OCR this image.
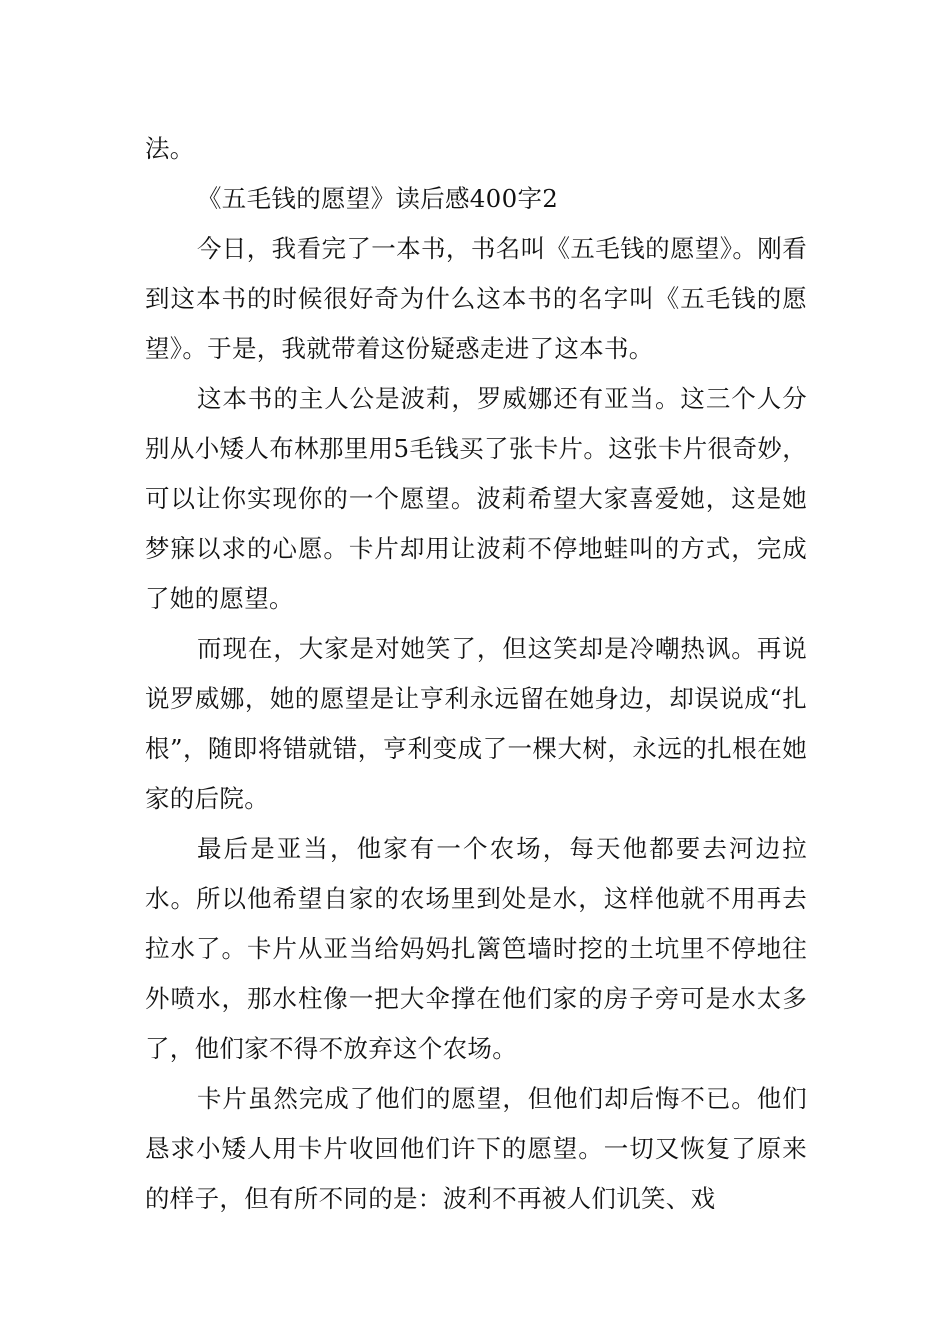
法。

《五毛钱的愿望》读后感400字2

今日，我看完了一本书，书名叫《五毛钱的愿望》。刚看到这本书的时候很好奇为什么这本书的名字叫《五毛钱的愿望》。于是，我就带着这份疑惑走进了这本书。

这本书的主人公是波莉，罗威娜还有亚当。这三个人分别从小矮人布林那里用5毛钱买了张卡片。这张卡片很奇妙，可以让你实现你的一个愿望。波莉希望大家喜爱她，这是她梦寐以求的心愿。卡片却用让波莉不停地蛙叫的方式，完成了她的愿望。

而现在，大家是对她笑了，但这笑却是冷嘲热讽。再说说罗威娜，她的愿望是让亨利永远留在她身边，却误说成“扎根”，随即将错就错，亨利变成了一棵大树，永远的扎根在她家的后院。

最后是亚当，他家有一个农场，每天他都要去河边拉水。所以他希望自家的农场里到处是水，这样他就不用再去拉水了。卡片从亚当给妈妈扎篱笆墙时挖的土坑里不停地往外喷水，那水柱像一把大伞撑在他们家的房子旁可是水太多了，他们家不得不放弃这个农场。

卡片虽然完成了他们的愿望，但他们却后悔不已。他们恳求小矮人用卡片收回他们许下的愿望。一切又恢复了原来的样子，但有所不同的是：波利不再被人们讥笑、戏
